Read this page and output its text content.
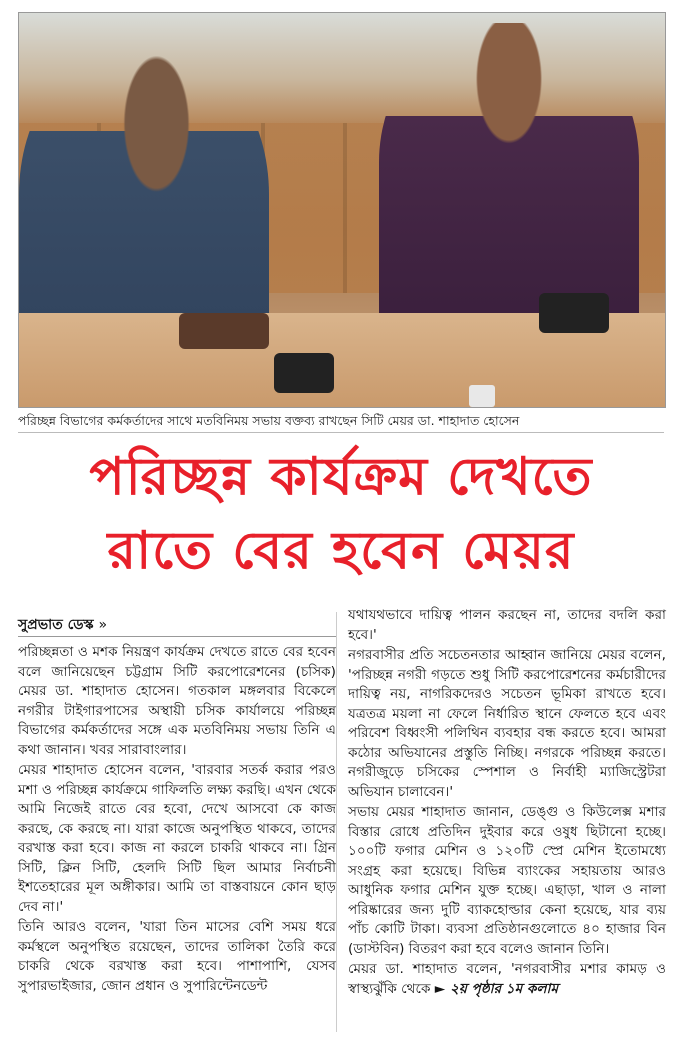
পরিচ্ছন্ন বিভাগের কর্মকর্তাদের সাথে মতবিনিময় সভায় বক্তব্য রাখছেন সিটি মেয়র ডা. শাহাদাত হোসেন
পরিচ্ছন্ন কার্যক্রম দেখতে
রাতে বের হবেন মেয়র
সুপ্রভাত ডেস্ক »

পরিচ্ছন্নতা ও মশক নিয়ন্ত্রণ কার্যক্রম দেখতে রাতে বের হবেন বলে জানিয়েছেন চট্টগ্রাম সিটি করপোরেশনের (চসিক) মেয়র ডা. শাহাদাত হোসেন। গতকাল মঙ্গলবার বিকেলে নগরীর টাইগারপাসের অস্থায়ী চসিক কার্যালয়ে পরিচ্ছন্ন বিভাগের কর্মকর্তাদের সঙ্গে এক মতবিনিময় সভায় তিনি এ কথা জানান। খবর সারাবাংলার।

মেয়র শাহাদাত হোসেন বলেন, 'বারবার সতর্ক করার পরও মশা ও পরিচ্ছন্ন কার্যক্রমে গাফিলতি লক্ষ্য করছি। এখন থেকে আমি নিজেই রাতে বের হবো, দেখে আসবো কে কাজ করছে, কে করছে না। যারা কাজে অনুপস্থিত থাকবে, তাদের বরখাস্ত করা হবে। কাজ না করলে চাকরি থাকবে না। গ্রিন সিটি, ক্লিন সিটি, হেলদি সিটি ছিল আমার নির্বাচনী ইশতেহারের মূল অঙ্গীকার। আমি তা বাস্তবায়নে কোন ছাড় দেব না।'

তিনি আরও বলেন, 'যারা তিন মাসের বেশি সময় ধরে কর্মস্থলে অনুপস্থিত রয়েছেন, তাদের তালিকা তৈরি করে চাকরি থেকে বরখাস্ত করা হবে। পাশাপাশি, যেসব সুপারভাইজার, জোন প্রধান ও সুপারিন্টেনডেন্ট

যথাযথভাবে দায়িত্ব পালন করছেন না, তাদের বদলি করা হবে।'

নগরবাসীর প্রতি সচেতনতার আহ্বান জানিয়ে মেয়র বলেন, 'পরিচ্ছন্ন নগরী গড়তে শুধু সিটি করপোরেশনের কর্মচারীদের দায়িত্ব নয়, নাগরিকদেরও সচেতন ভূমিকা রাখতে হবে। যত্রতত্র ময়লা না ফেলে নির্ধারিত স্থানে ফেলতে হবে এবং পরিবেশ বিধ্বংসী পলিথিন ব্যবহার বন্ধ করতে হবে। আমরা কঠোর অভিযানের প্রস্তুতি নিচ্ছি। নগরকে পরিচ্ছন্ন করতে। নগরীজুড়ে চসিকের স্পেশাল ও নির্বাহী ম্যাজিস্ট্রেটরা অভিযান চালাবেন।'

সভায় মেয়র শাহাদাত জানান, ডেঙ্গু ও কিউলেক্স মশার বিস্তার রোধে প্রতিদিন দুইবার করে ওষুধ ছিটানো হচ্ছে। ১০০টি ফগার মেশিন ও ১২০টি স্প্রে মেশিন ইতোমধ্যে সংগ্রহ করা হয়েছে। বিভিন্ন ব্যাংকের সহায়তায় আরও আধুনিক ফগার মেশিন যুক্ত হচ্ছে। এছাড়া, খাল ও নালা পরিষ্কারের জন্য দুটি ব্যাকহোল্ডার কেনা হয়েছে, যার ব্যয় পাঁচ কোটি টাকা। ব্যবসা প্রতিষ্ঠানগুলোতে ৪০ হাজার বিন (ডাস্টবিন) বিতরণ করা হবে বলেও জানান তিনি।

মেয়র ডা. শাহাদাত বলেন, 'নগরবাসীর মশার কামড় ও স্বাস্থ্যঝুঁকি থেকে ► ২য় পৃষ্ঠার ১ম কলাম
